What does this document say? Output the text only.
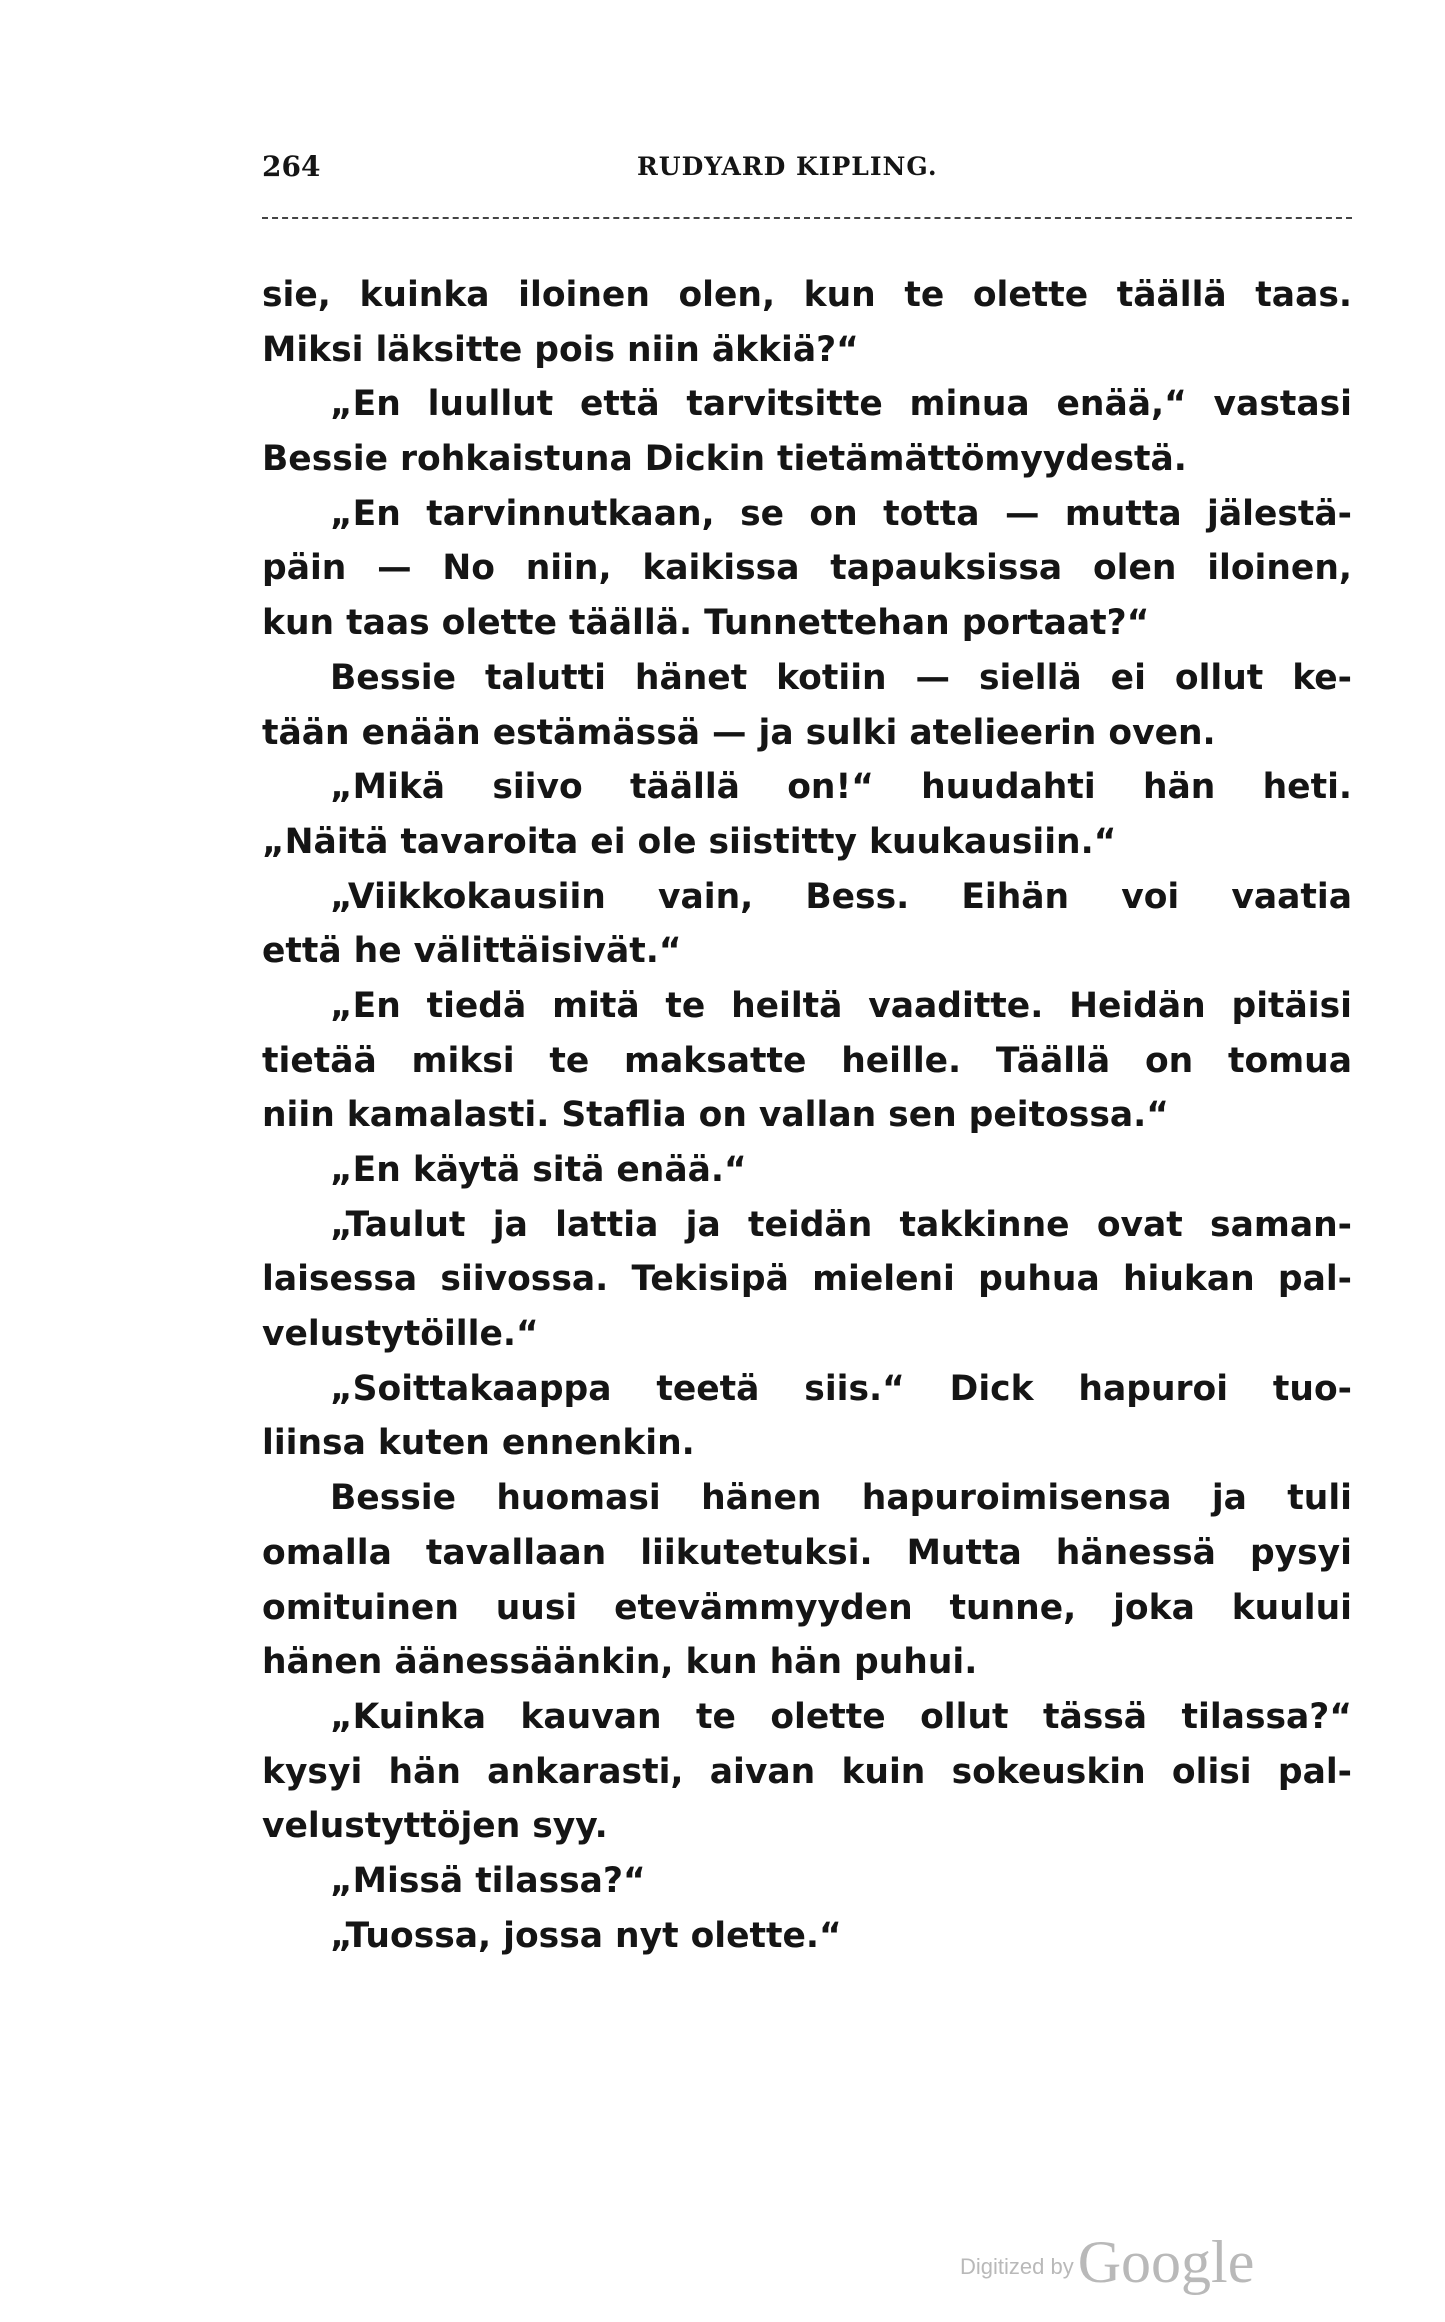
264	RUDYARD KIPLING.
sie, kuinka iloinen olen, kun te olette täällä taas.
Miksi läksitte pois niin äkkiä?“
„En luullut että tarvitsitte minua enää,“ vastasi
Bessie rohkaistuna Dickin tietämättömyydestä.
„En tarvinnutkaan, se on totta — mutta jälestä-
päin — No niin, kaikissa tapauksissa olen iloinen,
kun taas olette täällä. Tunnettehan portaat?“
Bessie talutti hänet kotiin — siellä ei ollut ke-
tään enään estämässä — ja sulki atelieerin oven.
„Mikä siivo täällä on!“ huudahti hän heti.
„Näitä tavaroita ei ole siistitty kuukausiin.“
„Viikkokausiin vain, Bess. Eihän voi vaatia
että he välittäisivät.“
„En tiedä mitä te heiltä vaaditte. Heidän pitäisi
tietää miksi te maksatte heille. Täällä on tomua
niin kamalasti. Staflia on vallan sen peitossa.“
„En käytä sitä enää.“
„Taulut ja lattia ja teidän takkinne ovat saman-
laisessa siivossa. Tekisipä mieleni puhua hiukan pal-
velustytöille.“
„Soittakaappa teetä siis.“ Dick hapuroi tuo-
liinsa kuten ennenkin.
Bessie huomasi hänen hapuroimisensa ja tuli
omalla tavallaan liikutetuksi. Mutta hänessä pysyi
omituinen uusi etevämmyyden tunne, joka kuului
hänen äänessäänkin, kun hän puhui.
„Kuinka kauvan te olette ollut tässä tilassa?“
kysyi hän ankarasti, aivan kuin sokeuskin olisi pal-
velustyttöjen syy.
„Missä tilassa?“
„Tuossa, jossa nyt olette.“
Digitized by Google
